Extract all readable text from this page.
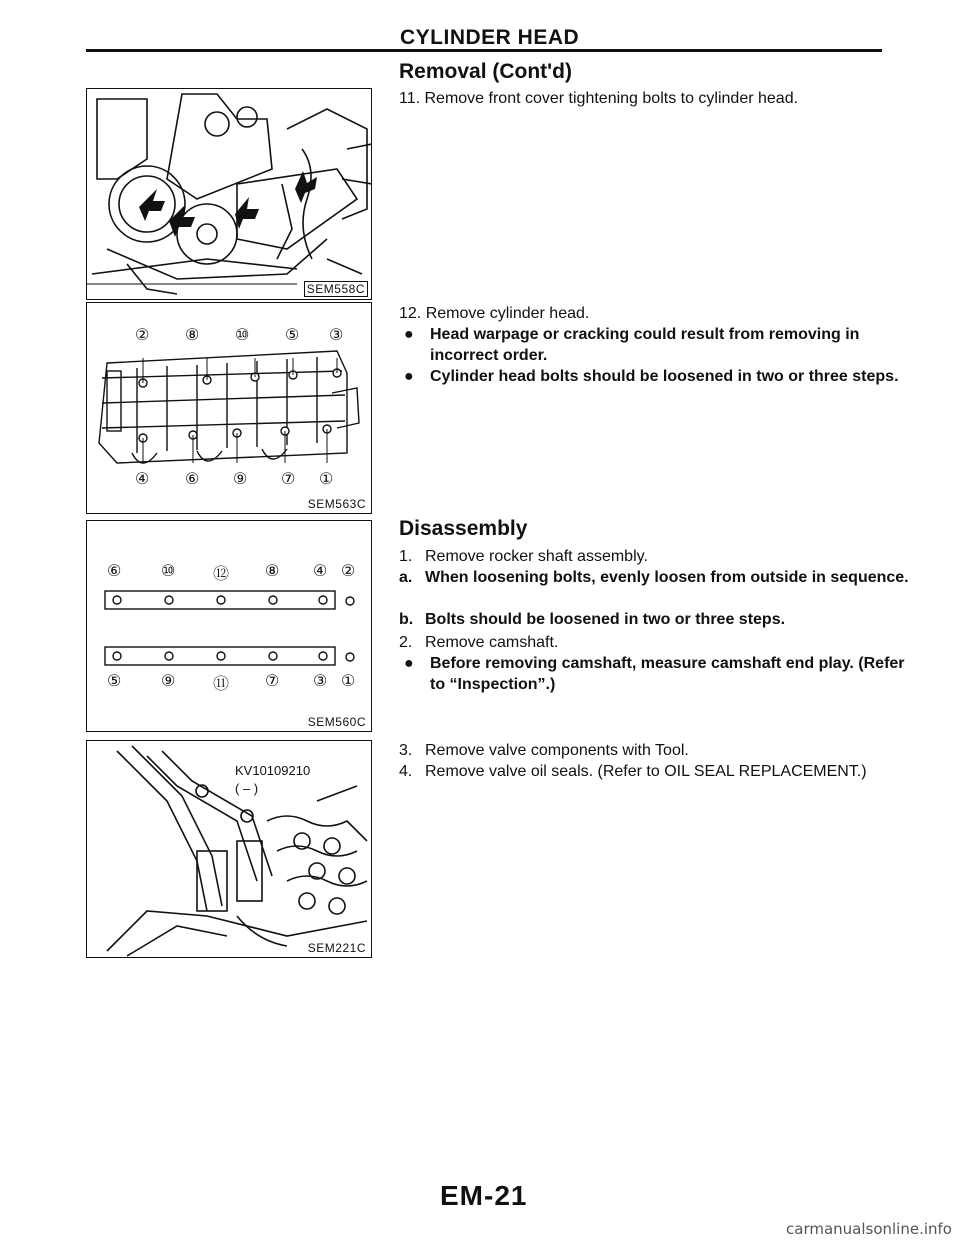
CYLINDER HEAD
SEM558C
② ⑧ ⑩ ⑤ ③
④ ⑥ ⑨ ⑦ ①
SEM563C
⑥ ⑩ ⑫ ⑧ ④ ②
⑤ ⑨ ⑪ ⑦ ③ ①
SEM560C
KV10109210
( – )
SEM221C
Removal (Cont'd)
11. Remove front cover tightening bolts to cylinder head.
12. Remove cylinder head.
● Head warpage or cracking could result from removing in incorrect order.
● Cylinder head bolts should be loosened in two or three steps.
Disassembly
1. Remove rocker shaft assembly.
a. When loosening bolts, evenly loosen from outside in sequence.
b. Bolts should be loosened in two or three steps.
2. Remove camshaft.
● Before removing camshaft, measure camshaft end play. (Refer to “Inspection”.)
3. Remove valve components with Tool.
4. Remove valve oil seals. (Refer to OIL SEAL REPLACEMENT.)
EM-21
carmanualsonline.info
